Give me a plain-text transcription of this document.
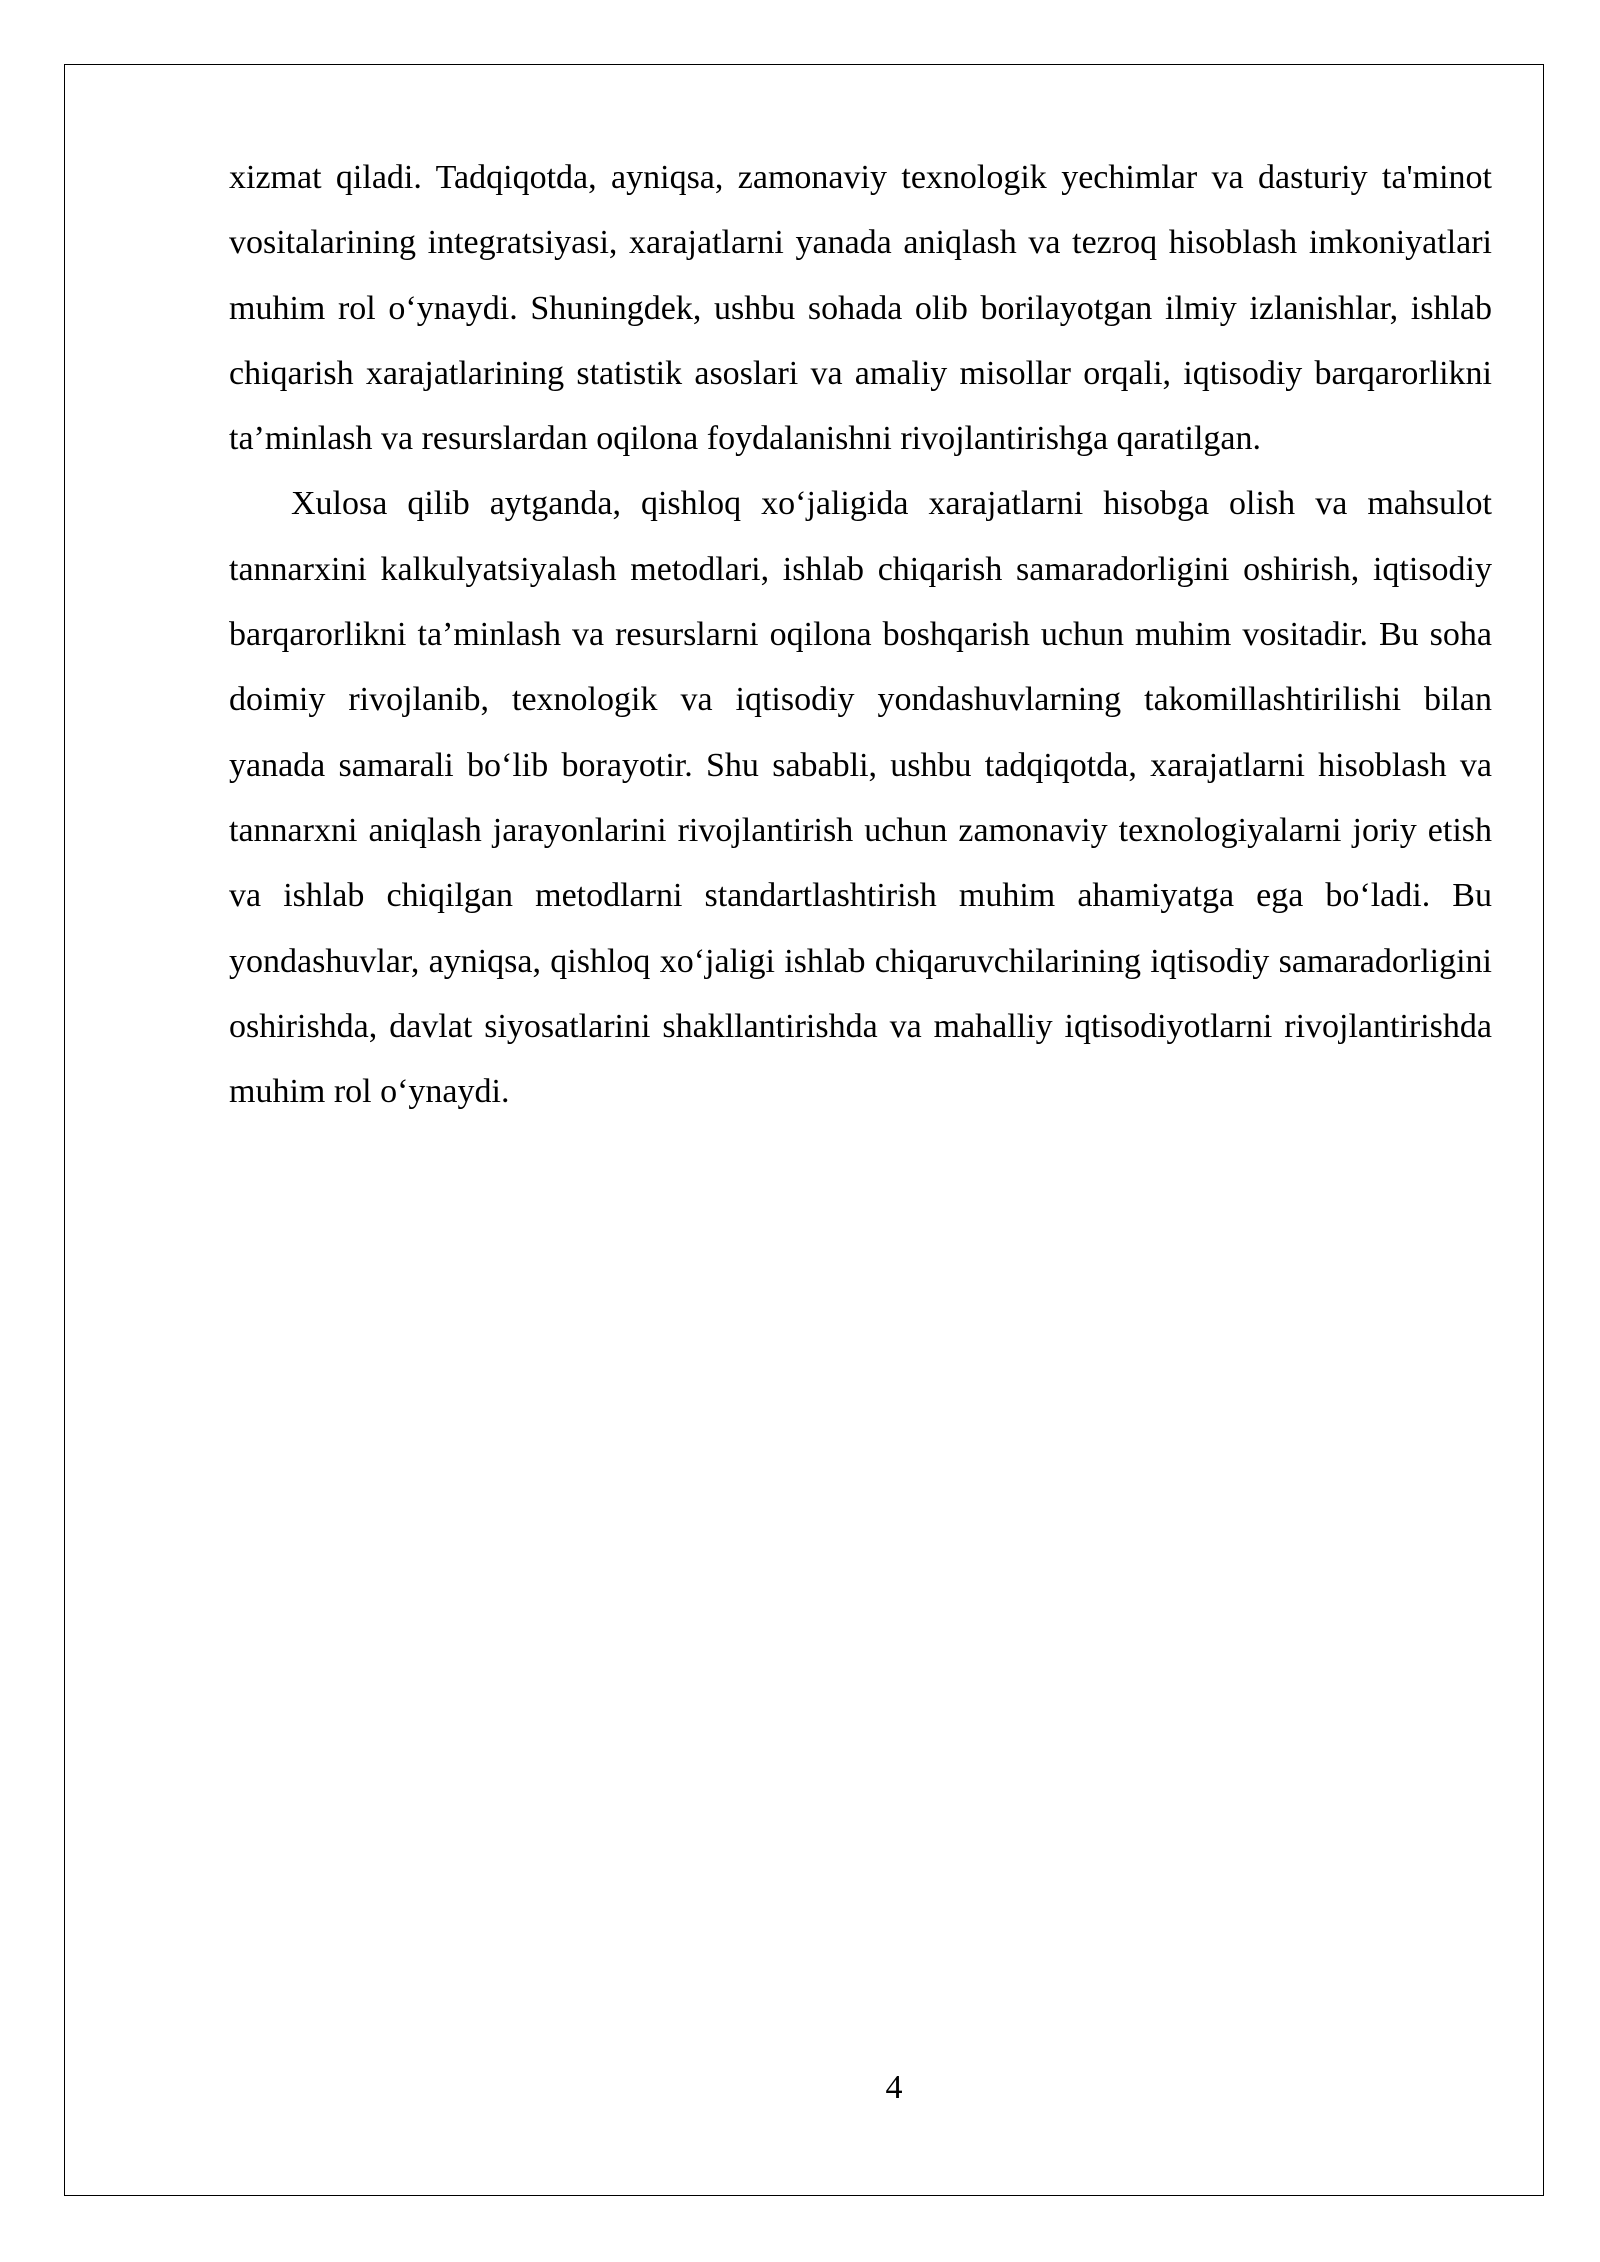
xizmat qiladi. Tadqiqotda, ayniqsa, zamonaviy texnologik yechimlar va dasturiy ta'minot vositalarining integratsiyasi, xarajatlarni yanada aniqlash va tezroq hisoblash imkoniyatlari muhim rol o‘ynaydi. Shuningdek, ushbu sohada olib borilayotgan ilmiy izlanishlar, ishlab chiqarish xarajatlarining statistik asoslari va amaliy misollar orqali, iqtisodiy barqarorlikni ta’minlash va resurslardan oqilona foydalanishni rivojlantirishga qaratilgan.

Xulosa qilib aytganda, qishloq xo‘jaligida xarajatlarni hisobga olish va mahsulot tannarxini kalkulyatsiyalash metodlari, ishlab chiqarish samaradorligini oshirish, iqtisodiy barqarorlikni ta’minlash va resurslarni oqilona boshqarish uchun muhim vositadir. Bu soha doimiy rivojlanib, texnologik va iqtisodiy yondashuvlarning takomillashtirilishi bilan yanada samarali bo‘lib borayotir. Shu sababli, ushbu tadqiqotda, xarajatlarni hisoblash va tannarxni aniqlash jarayonlarini rivojlantirish uchun zamonaviy texnologiyalarni joriy etish va ishlab chiqilgan metodlarni standartlashtirish muhim ahamiyatga ega bo‘ladi. Bu yondashuvlar, ayniqsa, qishloq xo‘jaligi ishlab chiqaruvchilarining iqtisodiy samaradorligini oshirishda, davlat siyosatlarini shakllantirishda va mahalliy iqtisodiyotlarni rivojlantirishda muhim rol o‘ynaydi.

4
